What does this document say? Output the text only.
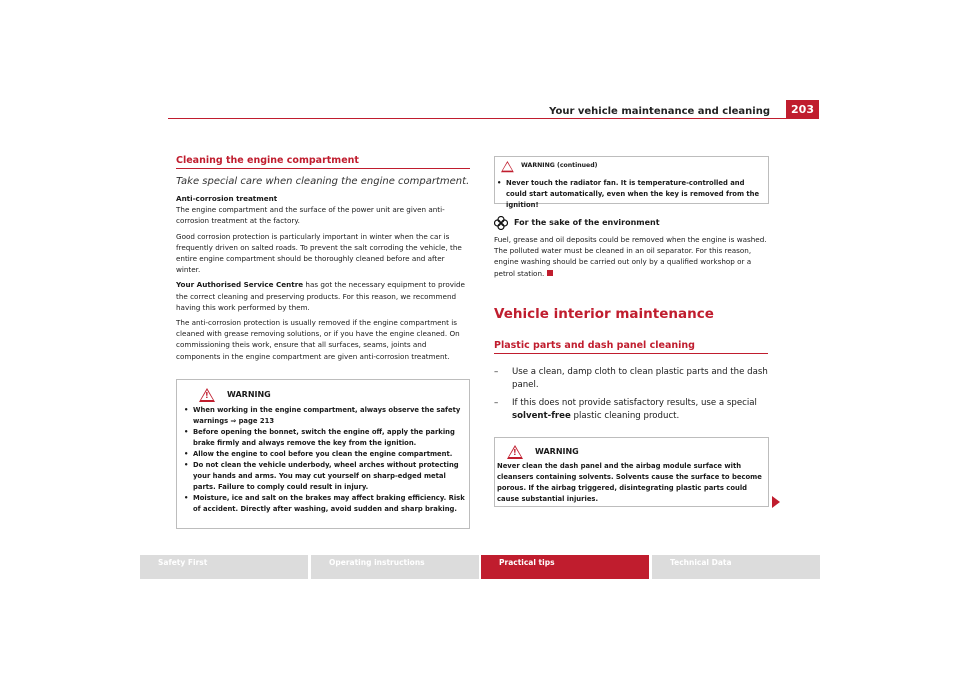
Your vehicle maintenance and cleaning	203
Cleaning the engine compartment
Take special care when cleaning the engine compartment.
Anti-corrosion treatment

The engine compartment and the surface of the power unit are given anti-corrosion treatment at the factory.

Good corrosion protection is particularly important in winter when the car is frequently driven on salted roads. To prevent the salt corroding the vehicle, the entire engine compartment should be thoroughly cleaned before and after winter.

Your Authorised Service Centre has got the necessary equipment to provide the correct cleaning and preserving products. For this reason, we recommend having this work performed by them.

The anti-corrosion protection is usually removed if the engine compartment is cleaned with grease removing solutions, or if you have the engine cleaned. On commissioning theis work, ensure that all surfaces, seams, joints and components in the engine compartment are given anti-corrosion treatment.

! WARNING
• When working in the engine compartment, always observe the safety warnings ⇒ page 213
• Before opening the bonnet, switch the engine off, apply the parking brake firmly and always remove the key from the ignition.
• Allow the engine to cool before you clean the engine compartment.
• Do not clean the vehicle underbody, wheel arches without protecting your hands and arms. You may cut yourself on sharp-edged metal parts. Failure to comply could result in injury.
• Moisture, ice and salt on the brakes may affect braking efficiency. Risk of accident. Directly after washing, avoid sudden and sharp braking.
WARNING (continued)
• Never touch the radiator fan. It is temperature-controlled and could start automatically, even when the key is removed from the ignition!
For the sake of the environment

Fuel, grease and oil deposits could be removed when the engine is washed. The polluted water must be cleaned in an oil separator. For this reason, engine washing should be carried out only by a qualified workshop or a petrol station.

Vehicle interior maintenance
Plastic parts and dash panel cleaning
–	Use a clean, damp cloth to clean plastic parts and the dash panel.
–	If this does not provide satisfactory results, use a special solvent-free plastic cleaning product.
! WARNING
Never clean the dash panel and the airbag module surface with cleansers containing solvents. Solvents cause the surface to become porous. If the airbag triggered, disintegrating plastic parts could cause substantial injuries.
Safety First	Operating instructions	Practical tips	Technical Data
